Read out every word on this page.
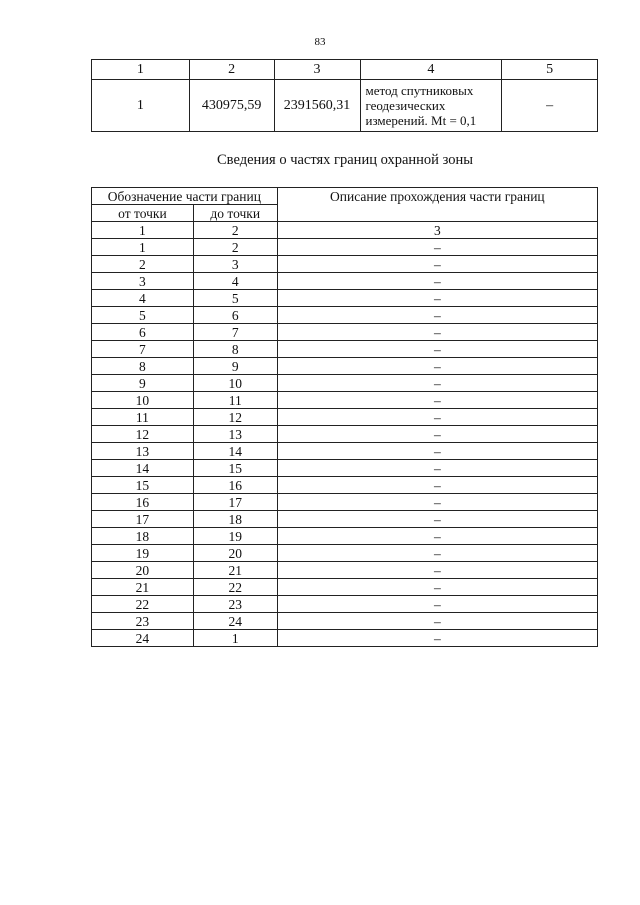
83
1	2	3	4	5
1	430975,59	2391560,31	метод спутниковых
геодезических
измерений. Mt = 0,1	–
Сведения о частях границ охранной зоны
Обозначение части границ		Описание прохождения части границ
от точки	до точки	
1	2	3
1	2	–
2	3	–
3	4	–
4	5	–
5	6	–
6	7	–
7	8	–
8	9	–
9	10	–
10	11	–
11	12	–
12	13	–
13	14	–
14	15	–
15	16	–
16	17	–
17	18	–
18	19	–
19	20	–
20	21	–
21	22	–
22	23	–
23	24	–
24	1	–
